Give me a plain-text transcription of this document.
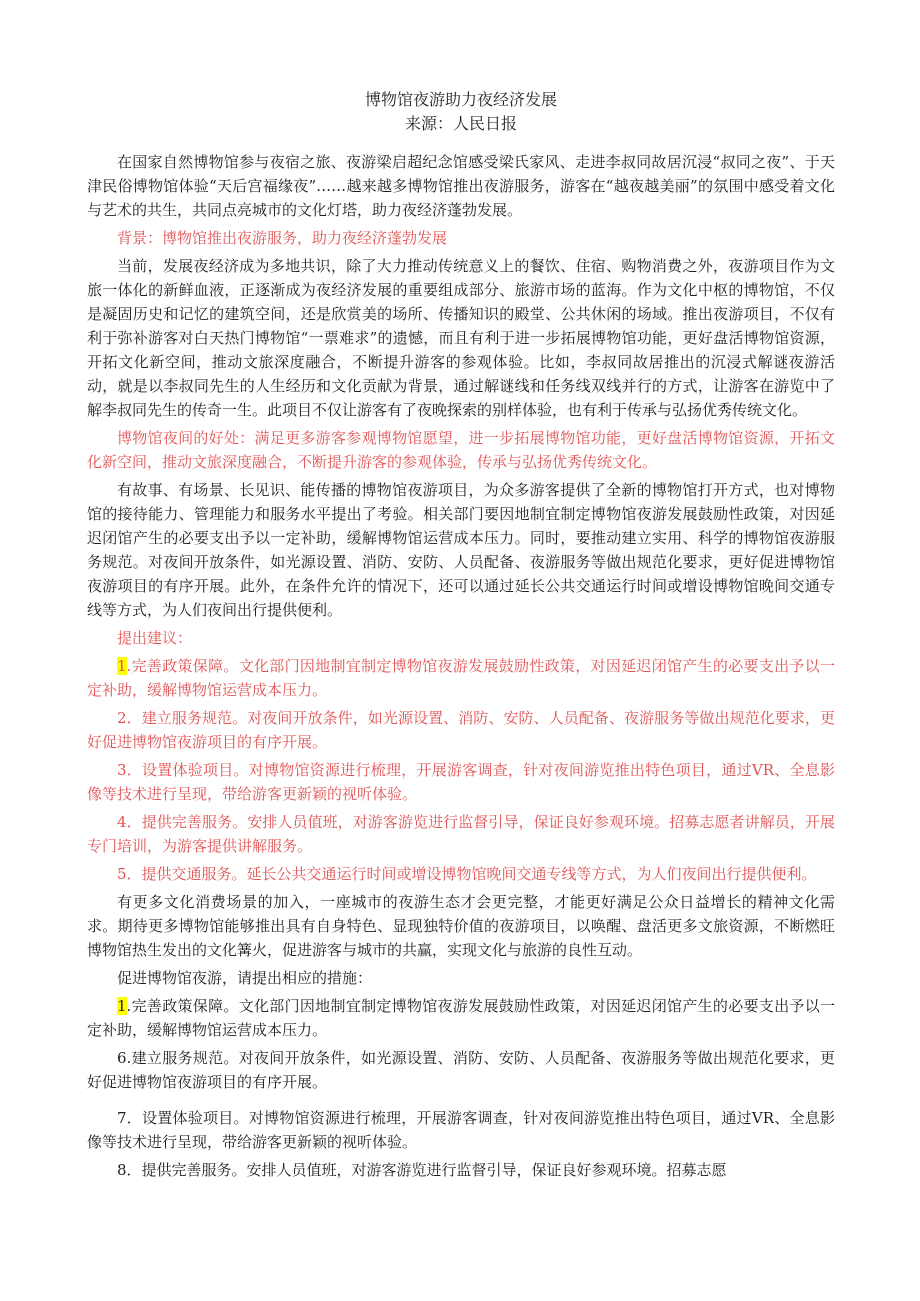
博物馆夜游助力夜经济发展
来源：人民日报

在国家自然博物馆参与夜宿之旅、夜游梁启超纪念馆感受梁氏家风、走进李叔同故居沉浸“叔同之夜”、于天津民俗博物馆体验“天后宫福缘夜”……越来越多博物馆推出夜游服务，游客在“越夜越美丽”的氛围中感受着文化与艺术的共生，共同点亮城市的文化灯塔，助力夜经济蓬勃发展。

背景：博物馆推出夜游服务，助力夜经济蓬勃发展

当前，发展夜经济成为多地共识，除了大力推动传统意义上的餐饮、住宿、购物消费之外，夜游项目作为文旅一体化的新鲜血液，正逐渐成为夜经济发展的重要组成部分、旅游市场的蓝海。作为文化中枢的博物馆，不仅是凝固历史和记忆的建筑空间，还是欣赏美的场所、传播知识的殿堂、公共休闲的场域。推出夜游项目，不仅有利于弥补游客对白天热门博物馆“一票难求”的遗憾，而且有利于进一步拓展博物馆功能，更好盘活博物馆资源，开拓文化新空间，推动文旅深度融合，不断提升游客的参观体验。比如，李叔同故居推出的沉浸式解谜夜游活动，就是以李叔同先生的人生经历和文化贡献为背景，通过解谜线和任务线双线并行的方式，让游客在游览中了解李叔同先生的传奇一生。此项目不仅让游客有了夜晚探索的别样体验，也有利于传承与弘扬优秀传统文化。

博物馆夜间的好处：满足更多游客参观博物馆愿望，进一步拓展博物馆功能，更好盘活博物馆资源，开拓文化新空间，推动文旅深度融合，不断提升游客的参观体验，传承与弘扬优秀传统文化。

有故事、有场景、长见识、能传播的博物馆夜游项目，为众多游客提供了全新的博物馆打开方式，也对博物馆的接待能力、管理能力和服务水平提出了考验。相关部门要因地制宜制定博物馆夜游发展鼓励性政策，对因延迟闭馆产生的必要支出予以一定补助，缓解博物馆运营成本压力。同时，要推动建立实用、科学的博物馆夜游服务规范。对夜间开放条件，如光源设置、消防、安防、人员配备、夜游服务等做出规范化要求，更好促进博物馆夜游项目的有序开展。此外，在条件允许的情况下，还可以通过延长公共交通运行时间或增设博物馆晚间交通专线等方式，为人们夜间出行提供便利。

提出建议：

1.完善政策保障。文化部门因地制宜制定博物馆夜游发展鼓励性政策，对因延迟闭馆产生的必要支出予以一定补助，缓解博物馆运营成本压力。

2．建立服务规范。对夜间开放条件，如光源设置、消防、安防、人员配备、夜游服务等做出规范化要求，更好促进博物馆夜游项目的有序开展。

3．设置体验项目。对博物馆资源进行梳理，开展游客调查，针对夜间游览推出特色项目，通过VR、全息影像等技术进行呈现，带给游客更新颖的视听体验。

4．提供完善服务。安排人员值班，对游客游览进行监督引导，保证良好参观环境。招募志愿者讲解员，开展专门培训，为游客提供讲解服务。

5．提供交通服务。延长公共交通运行时间或增设博物馆晚间交通专线等方式，为人们夜间出行提供便利。

有更多文化消费场景的加入，一座城市的夜游生态才会更完整，才能更好满足公众日益增长的精神文化需求。期待更多博物馆能够推出具有自身特色、显现独特价值的夜游项目，以唤醒、盘活更多文旅资源，不断燃旺博物馆热生发出的文化篝火，促进游客与城市的共赢，实现文化与旅游的良性互动。

促进博物馆夜游，请提出相应的措施：

1.完善政策保障。文化部门因地制宜制定博物馆夜游发展鼓励性政策，对因延迟闭馆产生的必要支出予以一定补助，缓解博物馆运营成本压力。

6.建立服务规范。对夜间开放条件，如光源设置、消防、安防、人员配备、夜游服务等做出规范化要求，更好促进博物馆夜游项目的有序开展。

7．设置体验项目。对博物馆资源进行梳理，开展游客调查，针对夜间游览推出特色项目，通过VR、全息影像等技术进行呈现，带给游客更新颖的视听体验。

8．提供完善服务。安排人员值班，对游客游览进行监督引导，保证良好参观环境。招募志愿
